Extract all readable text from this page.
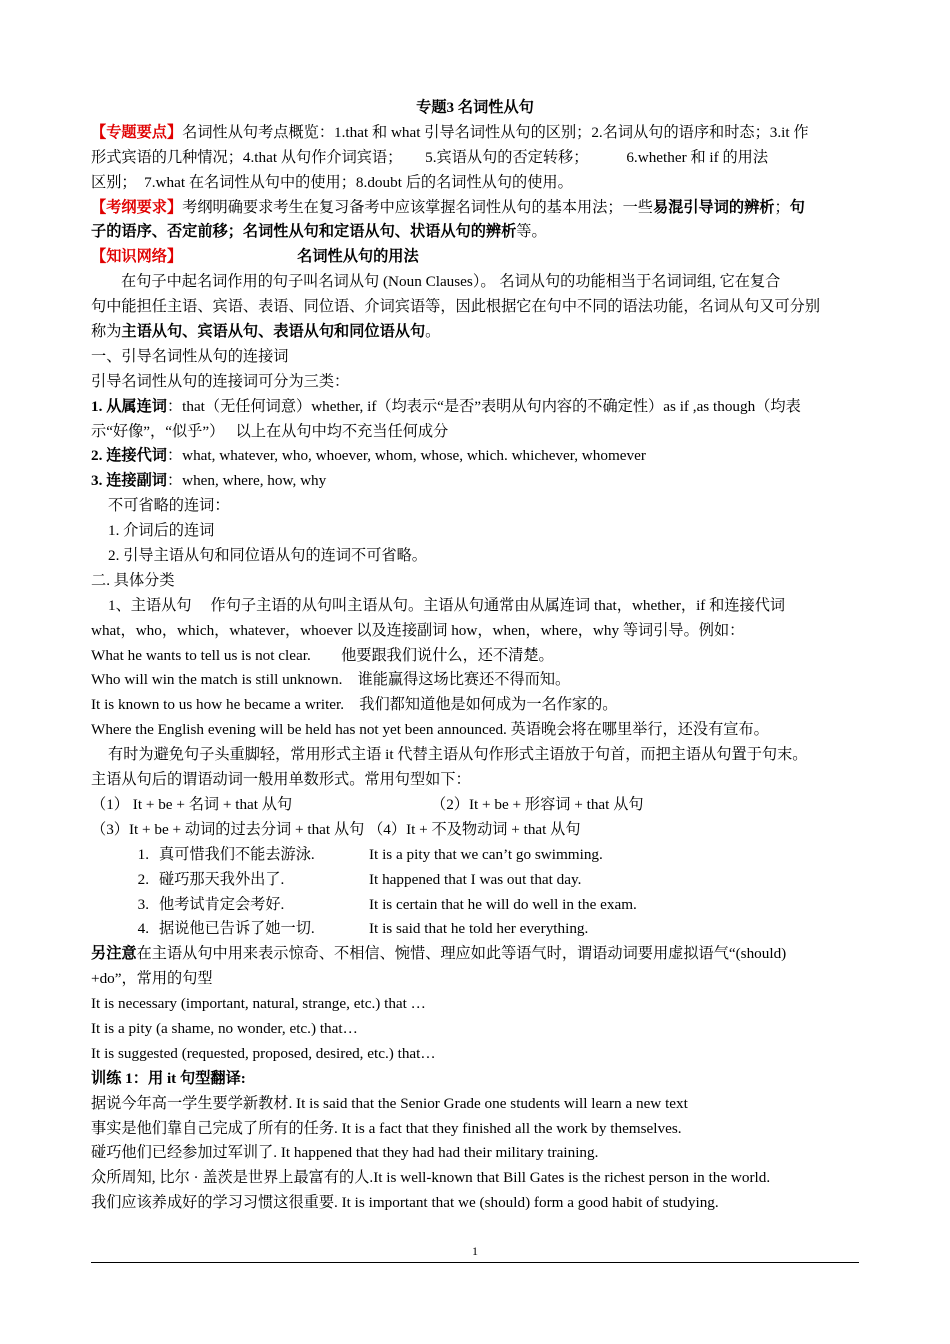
专题3 名词性从句
【专题要点】名词性从句考点概览：1.that 和 what 引导名词性从句的区别；2.名词从句的语序和时态；3.it 作
形式宾语的几种情况；4.that 从句作介词宾语；　　5.宾语从句的否定转移；　　　6.whether 和 if 的用法
区别；　7.what 在名词性从句中的使用；8.doubt 后的名词性从句的使用。
【考纲要求】考纲明确要求考生在复习备考中应该掌握名词性从句的基本用法；一些易混引导词的辨析；句
子的语序、否定前移；名词性从句和定语从句、状语从句的辨析等。
【知识网络】	名词性从句的用法
在句子中起名词作用的句子叫名词从句 (Noun Clauses）。 名词从句的功能相当于名词词组, 它在复合
句中能担任主语、宾语、表语、同位语、介词宾语等，因此根据它在句中不同的语法功能，名词从句又可分别
称为主语从句、宾语从句、表语从句和同位语从句。
一、引导名词性从句的连接词
引导名词性从句的连接词可分为三类：
1. 从属连词：that（无任何词意）whether, if（均表示“是否”表明从句内容的不确定性）as if ,as though（均表
示“好像”，“似乎”）　 以上在从句中均不充当任何成分
2. 连接代词：what, whatever, who, whoever, whom, whose, which. whichever, whomever
3. 连接副词：when, where, how, why
不可省略的连词：
1. 介词后的连词
2. 引导主语从句和同位语从句的连词不可省略。
二. 具体分类
1、主语从句　 作句子主语的从句叫主语从句。主语从句通常由从属连词 that，whether，if 和连接代词
what，who，which，whatever，whoever 以及连接副词 how，when，where，why 等词引导。例如：
What he wants to tell us is not clear.　　他要跟我们说什么，还不清楚。
Who will win the match is still unknown.　谁能赢得这场比赛还不得而知。
It is known to us how he became a writer.　我们都知道他是如何成为一名作家的。
Where the English evening will be held has not yet been announced. 英语晚会将在哪里举行，还没有宣布。
有时为避免句子头重脚轻，常用形式主语 it 代替主语从句作形式主语放于句首，而把主语从句置于句末。
主语从句后的谓语动词一般用单数形式。常用句型如下：
（1） It + be + 名词 + that 从句	（2）It + be + 形容词 + that 从句
（3）It + be + 动词的过去分词 + that 从句 （4）It + 不及物动词 + that 从句
1. 真可惜我们不能去游泳.	It is a pity that we can’t go swimming.
2. 碰巧那天我外出了.	It happened that I was out that day.
3. 他考试肯定会考好.	It is certain that he will do well in the exam.
4. 据说他已告诉了她一切.	It is said that he told her everything.
另注意在主语从句中用来表示惊奇、不相信、惋惜、理应如此等语气时，谓语动词要用虚拟语气“(should)
+do”，常用的句型
It is necessary (important, natural, strange, etc.) that …
It is a pity (a shame, no wonder, etc.) that…
It is suggested (requested, proposed, desired, etc.) that…
训练 1：用 it 句型翻译:
据说今年高一学生要学新教材. It is said that the Senior Grade one students will learn a new text
事实是他们靠自己完成了所有的任务. It is a fact that they finished all the work by themselves.
碰巧他们已经参加过军训了. It happened that they had had their military training.
众所周知, 比尔 · 盖茨是世界上最富有的人.It is well-known that Bill Gates is the richest person in the world.
我们应该养成好的学习习惯这很重要. It is important that we (should) form a good habit of studying.
1
